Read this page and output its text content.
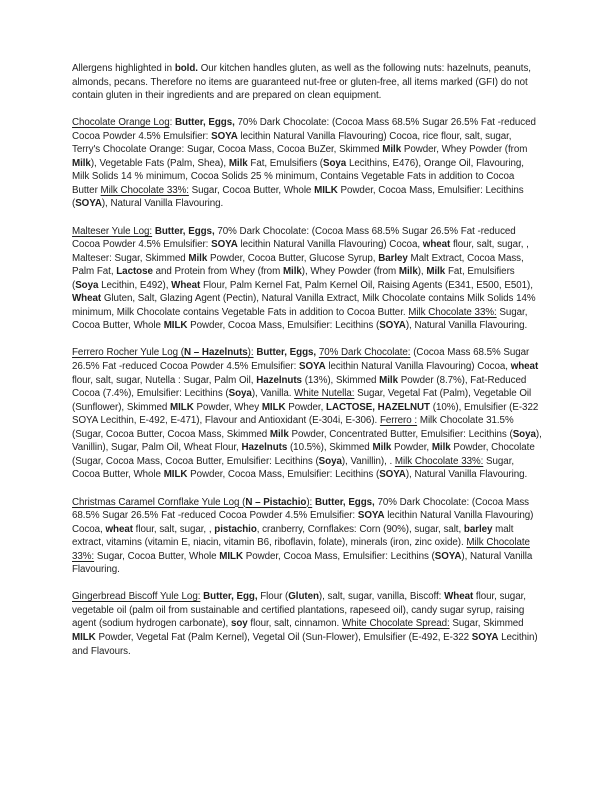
Allergens highlighted in bold. Our kitchen handles gluten, as well as the following nuts: hazelnuts, peanuts, almonds, pecans. Therefore no items are guaranteed nut-free or gluten-free, all items marked (GFI) do not contain gluten in their ingredients and are prepared on clean equipment.

Chocolate Orange Log: Butter, Eggs, 70% Dark Chocolate: (Cocoa Mass 68.5% Sugar 26.5% Fat -reduced Cocoa Powder 4.5% Emulsifier: SOYA lecithin Natural Vanilla Flavouring) Cocoa, rice flour, salt, sugar, Terry's Chocolate Orange: Sugar, Cocoa Mass, Cocoa BuZer, Skimmed Milk Powder, Whey Powder (from Milk), Vegetable Fats (Palm, Shea), Milk Fat, Emulsifiers (Soya Lecithins, E476), Orange Oil, Flavouring, Milk Solids 14 % minimum, Cocoa Solids 25 % minimum, Contains Vegetable Fats in addition to Cocoa Butter Milk Chocolate 33%: Sugar, Cocoa Butter, Whole MILK Powder, Cocoa Mass, Emulsifier: Lecithins (SOYA), Natural Vanilla Flavouring.

Malteser Yule Log: Butter, Eggs, 70% Dark Chocolate: (Cocoa Mass 68.5% Sugar 26.5% Fat -reduced Cocoa Powder 4.5% Emulsifier: SOYA lecithin Natural Vanilla Flavouring) Cocoa, wheat flour, salt, sugar, , Malteser: Sugar, Skimmed Milk Powder, Cocoa Butter, Glucose Syrup, Barley Malt Extract, Cocoa Mass, Palm Fat, Lactose and Protein from Whey (from Milk), Whey Powder (from Milk), Milk Fat, Emulsifiers (Soya Lecithin, E492), Wheat Flour, Palm Kernel Fat, Palm Kernel Oil, Raising Agents (E341, E500, E501), Wheat Gluten, Salt, Glazing Agent (Pectin), Natural Vanilla Extract, Milk Chocolate contains Milk Solids 14% minimum, Milk Chocolate contains Vegetable Fats in addition to Cocoa Butter. Milk Chocolate 33%: Sugar, Cocoa Butter, Whole MILK Powder, Cocoa Mass, Emulsifier: Lecithins (SOYA), Natural Vanilla Flavouring.

Ferrero Rocher Yule Log (N – Hazelnuts): Butter, Eggs, 70% Dark Chocolate: (Cocoa Mass 68.5% Sugar 26.5% Fat -reduced Cocoa Powder 4.5% Emulsifier: SOYA lecithin Natural Vanilla Flavouring) Cocoa, wheat flour, salt, sugar, Nutella : Sugar, Palm Oil, Hazelnuts (13%), Skimmed Milk Powder (8.7%), Fat-Reduced Cocoa (7.4%), Emulsifier: Lecithins (Soya), Vanilla. White Nutella: Sugar, Vegetal Fat (Palm), Vegetable Oil (Sunflower), Skimmed MILK Powder, Whey MILK Powder, LACTOSE, HAZELNUT (10%), Emulsifier (E-322 SOYA Lecithin, E-492, E-471), Flavour and Antioxidant (E-304i, E-306). Ferrero : Milk Chocolate 31.5% (Sugar, Cocoa Butter, Cocoa Mass, Skimmed Milk Powder, Concentrated Butter, Emulsifier: Lecithins (Soya), Vanillin), Sugar, Palm Oil, Wheat Flour, Hazelnuts (10.5%), Skimmed Milk Powder, Milk Powder, Chocolate (Sugar, Cocoa Mass, Cocoa Butter, Emulsifier: Lecithins (Soya), Vanillin), . Milk Chocolate 33%: Sugar, Cocoa Butter, Whole MILK Powder, Cocoa Mass, Emulsifier: Lecithins (SOYA), Natural Vanilla Flavouring.

Christmas Caramel Cornflake Yule Log (N – Pistachio): Butter, Eggs, 70% Dark Chocolate: (Cocoa Mass 68.5% Sugar 26.5% Fat -reduced Cocoa Powder 4.5% Emulsifier: SOYA lecithin Natural Vanilla Flavouring) Cocoa, wheat flour, salt, sugar, , pistachio, cranberry, Cornflakes: Corn (90%), sugar, salt, barley malt extract, vitamins (vitamin E, niacin, vitamin B6, riboflavin, folate), minerals (iron, zinc oxide). Milk Chocolate 33%: Sugar, Cocoa Butter, Whole MILK Powder, Cocoa Mass, Emulsifier: Lecithins (SOYA), Natural Vanilla Flavouring.

Gingerbread Biscoff Yule Log: Butter, Egg, Flour (Gluten), salt, sugar, vanilla, Biscoff: Wheat flour, sugar, vegetable oil (palm oil from sustainable and certified plantations, rapeseed oil), candy sugar syrup, raising agent (sodium hydrogen carbonate), soy flour, salt, cinnamon. White Chocolate Spread: Sugar, Skimmed MILK Powder, Vegetal Fat (Palm Kernel), Vegetal Oil (Sun-Flower), Emulsifier (E-492, E-322 SOYA Lecithin) and Flavours.
